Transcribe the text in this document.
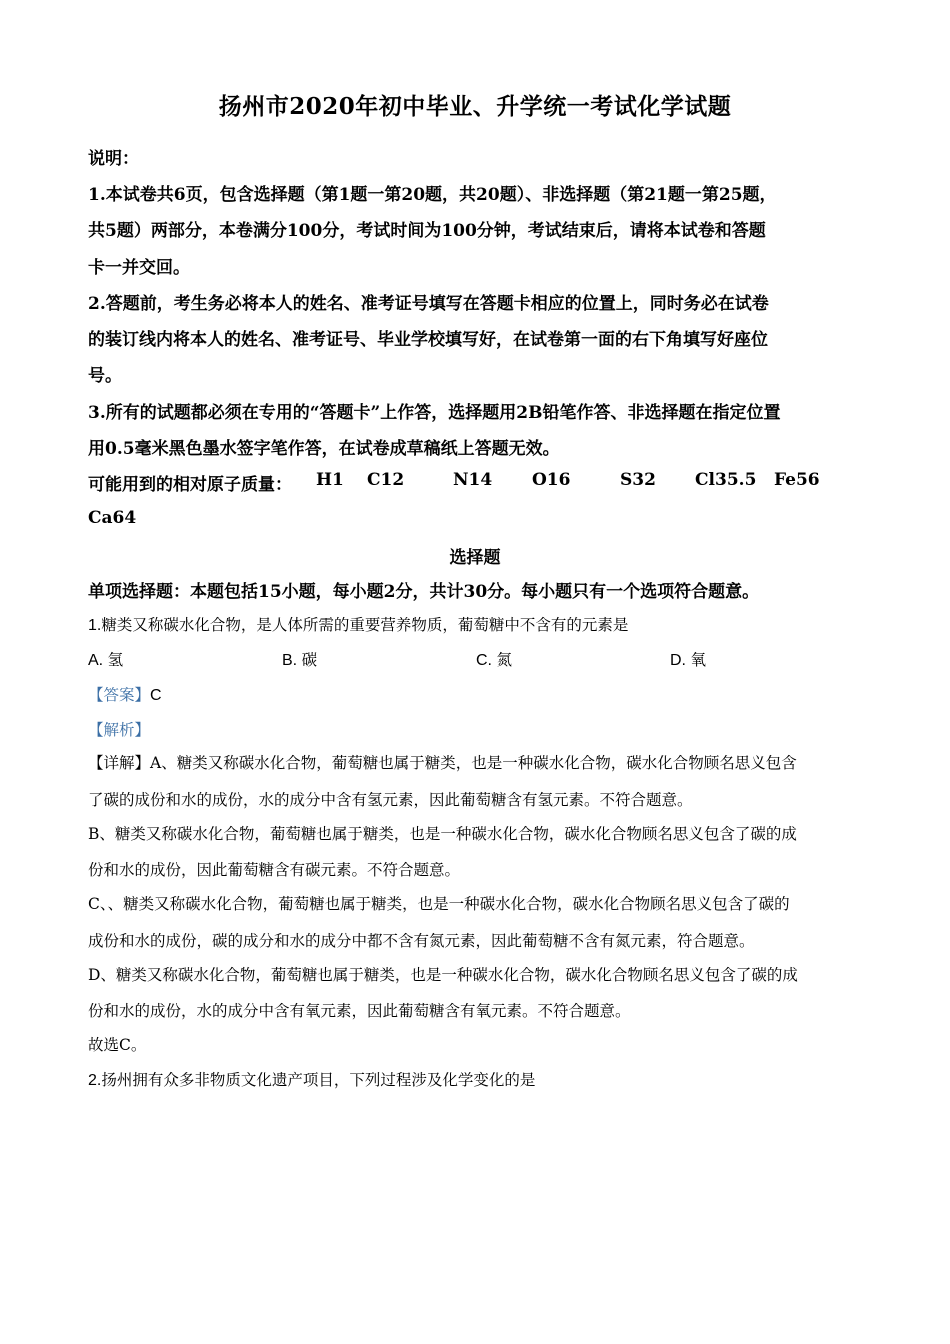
扬州市2020年初中毕业、升学统一考试化学试题
说明：
1.本试卷共6页，包含选择题（第1题一第20题，共20题）、非选择题（第21题一第25题，
共5题）两部分，本卷满分100分，考试时间为100分钟，考试结束后，请将本试卷和答题
卡一并交回。
2.答题前，考生务必将本人的姓名、准考证号填写在答题卡相应的位置上，同时务必在试卷
的装订线内将本人的姓名、准考证号、毕业学校填写好，在试卷第一面的右下角填写好座位
号。
3.所有的试题都必须在专用的“答题卡”上作答，选择题用2B铅笔作答、非选择题在指定位置
用0.5毫米黑色墨水签字笔作答，在试卷成草稿纸上答题无效。
可能用到的相对原子质量： H1 C12	N14 O16	S32 Cl35.5 Fe56
Ca64
选择题
单项选择题：本题包括15小题，每小题2分，共计30分。每小题只有一个选项符合题意。
1.糖类又称碳水化合物，是人体所需的重要营养物质，葡萄糖中不含有的元素是
A. 氢	B. 碳	C. 氮	D. 氧
【答案】C
【解析】
【详解】A、糖类又称碳水化合物，葡萄糖也属于糖类，也是一种碳水化合物，碳水化合物顾名思义包含
了碳的成份和水的成份，水的成分中含有氢元素，因此葡萄糖含有氢元素。不符合题意。
B、糖类又称碳水化合物，葡萄糖也属于糖类，也是一种碳水化合物，碳水化合物顾名思义包含了碳的成
份和水的成份，因此葡萄糖含有碳元素。不符合题意。
C、、糖类又称碳水化合物，葡萄糖也属于糖类，也是一种碳水化合物，碳水化合物顾名思义包含了碳的
成份和水的成份，碳的成分和水的成分中都不含有氮元素，因此葡萄糖不含有氮元素，符合题意。
D、糖类又称碳水化合物，葡萄糖也属于糖类，也是一种碳水化合物，碳水化合物顾名思义包含了碳的成
份和水的成份，水的成分中含有氧元素，因此葡萄糖含有氧元素。不符合题意。
故选C。
2.扬州拥有众多非物质文化遗产项目，下列过程涉及化学变化的是
